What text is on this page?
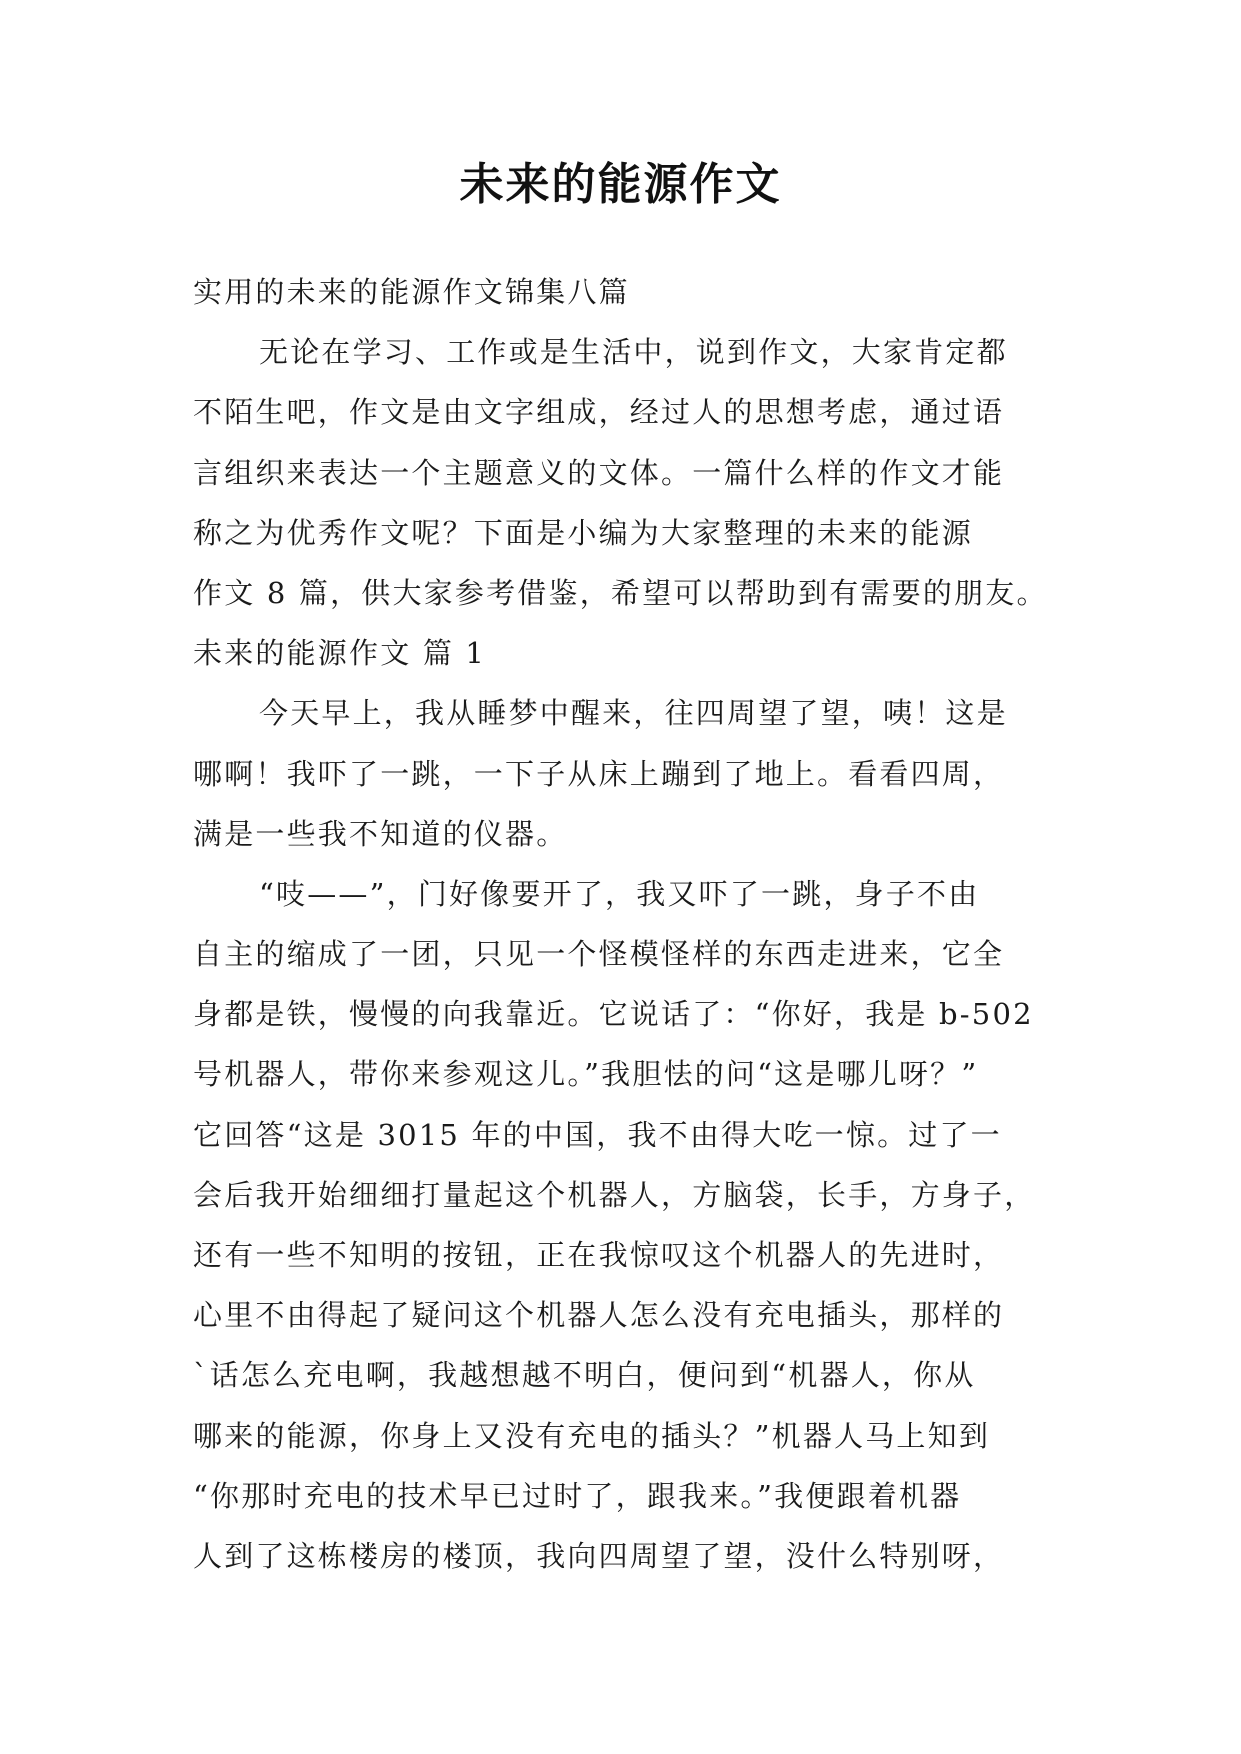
未来的能源作文
实用的未来的能源作文锦集八篇
无论在学习、工作或是生活中，说到作文，大家肯定都
不陌生吧，作文是由文字组成，经过人的思想考虑，通过语
言组织来表达一个主题意义的文体。一篇什么样的作文才能
称之为优秀作文呢？下面是小编为大家整理的未来的能源
作文 8 篇，供大家参考借鉴，希望可以帮助到有需要的朋友。
未来的能源作文 篇 1
今天早上，我从睡梦中醒来，往四周望了望，咦！这是
哪啊！我吓了一跳，一下子从床上蹦到了地上。看看四周，
满是一些我不知道的仪器。
“吱——”，门好像要开了，我又吓了一跳，身子不由
自主的缩成了一团，只见一个怪模怪样的东西走进来，它全
身都是铁，慢慢的向我靠近。它说话了：“你好，我是 b-502
号机器人，带你来参观这儿。”我胆怯的问“这是哪儿呀？”
它回答“这是 3015 年的中国，我不由得大吃一惊。过了一
会后我开始细细打量起这个机器人，方脑袋，长手，方身子，
还有一些不知明的按钮，正在我惊叹这个机器人的先进时，
心里不由得起了疑问这个机器人怎么没有充电插头，那样的
`话怎么充电啊，我越想越不明白，便问到“机器人，你从
哪来的能源，你身上又没有充电的插头？”机器人马上知到
“你那时充电的技术早已过时了，跟我来。”我便跟着机器
人到了这栋楼房的楼顶，我向四周望了望，没什么特别呀，
